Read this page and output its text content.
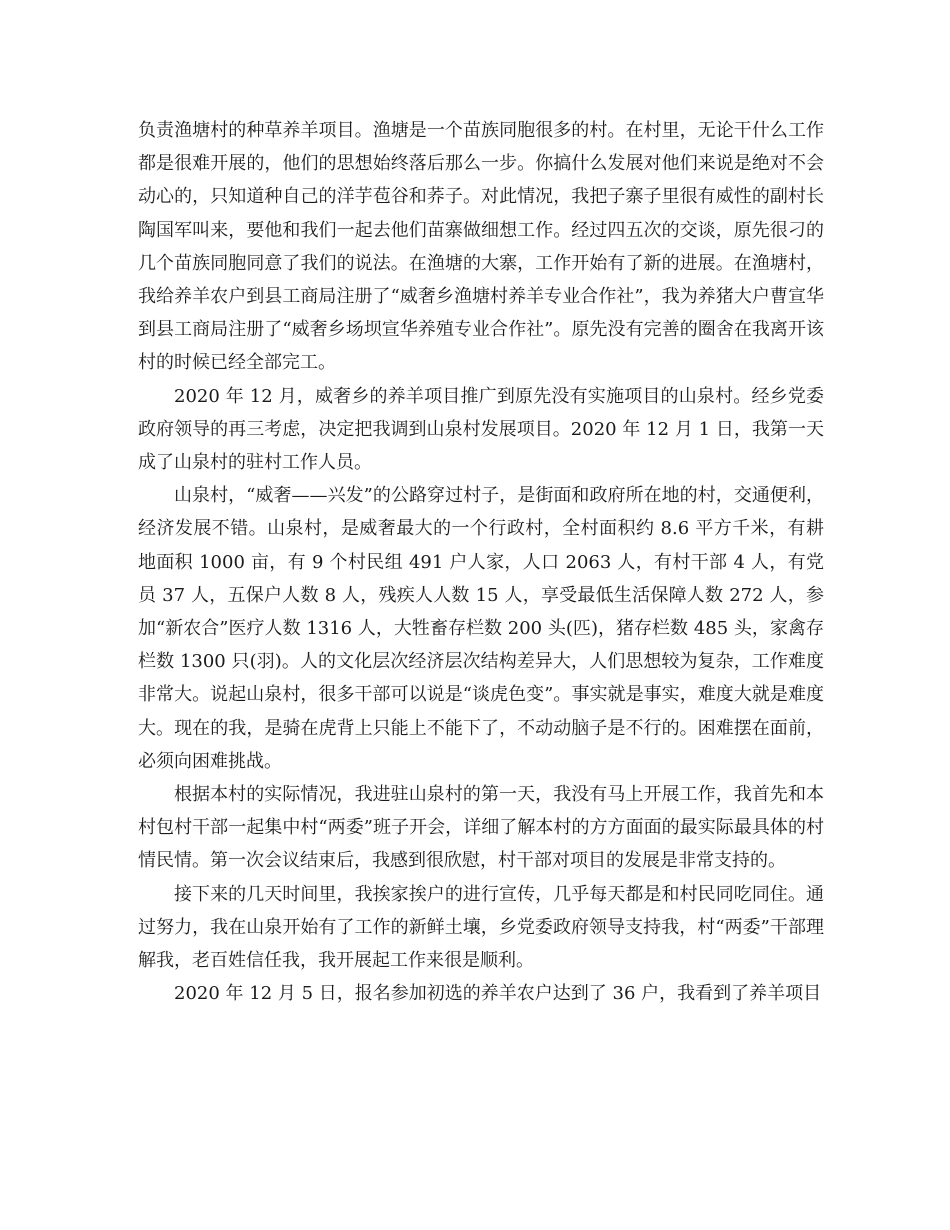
负责渔塘村的种草养羊项目。渔塘是一个苗族同胞很多的村。在村里，无论干什么工作都是很难开展的，他们的思想始终落后那么一步。你搞什么发展对他们来说是绝对不会动心的，只知道种自己的洋芋苞谷和荞子。对此情况，我把子寨子里很有威性的副村长陶国军叫来，要他和我们一起去他们苗寨做细想工作。经过四五次的交谈，原先很刁的几个苗族同胞同意了我们的说法。在渔塘的大寨，工作开始有了新的进展。在渔塘村，我给养羊农户到县工商局注册了“威奢乡渔塘村养羊专业合作社”，我为养猪大户曹宣华到县工商局注册了“威奢乡场坝宣华养殖专业合作社”。原先没有完善的圈舍在我离开该村的时候已经全部完工。

2020 年 12 月，威奢乡的养羊项目推广到原先没有实施项目的山泉村。经乡党委政府领导的再三考虑，决定把我调到山泉村发展项目。2020 年 12 月 1 日，我第一天成了山泉村的驻村工作人员。

山泉村，“威奢——兴发”的公路穿过村子，是街面和政府所在地的村，交通便利，经济发展不错。山泉村，是威奢最大的一个行政村，全村面积约 8.6 平方千米，有耕地面积 1000 亩，有 9 个村民组 491 户人家，人口 2063 人，有村干部 4 人，有党员 37 人，五保户人数 8 人，残疾人人数 15 人，享受最低生活保障人数 272 人，参加“新农合”医疗人数 1316 人，大牲畜存栏数 200 头(匹)，猪存栏数 485 头，家禽存栏数 1300 只(羽)。人的文化层次经济层次结构差异大，人们思想较为复杂，工作难度非常大。说起山泉村，很多干部可以说是“谈虎色变”。事实就是事实，难度大就是难度大。现在的我，是骑在虎背上只能上不能下了，不动动脑子是不行的。困难摆在面前，必须向困难挑战。

根据本村的实际情况，我进驻山泉村的第一天，我没有马上开展工作，我首先和本村包村干部一起集中村“两委”班子开会，详细了解本村的方方面面的最实际最具体的村情民情。第一次会议结束后，我感到很欣慰，村干部对项目的发展是非常支持的。

接下来的几天时间里，我挨家挨户的进行宣传，几乎每天都是和村民同吃同住。通过努力，我在山泉开始有了工作的新鲜土壤，乡党委政府领导支持我，村“两委”干部理解我，老百姓信任我，我开展起工作来很是顺利。

2020 年 12 月 5 日，报名参加初选的养羊农户达到了 36 户，我看到了养羊项目
